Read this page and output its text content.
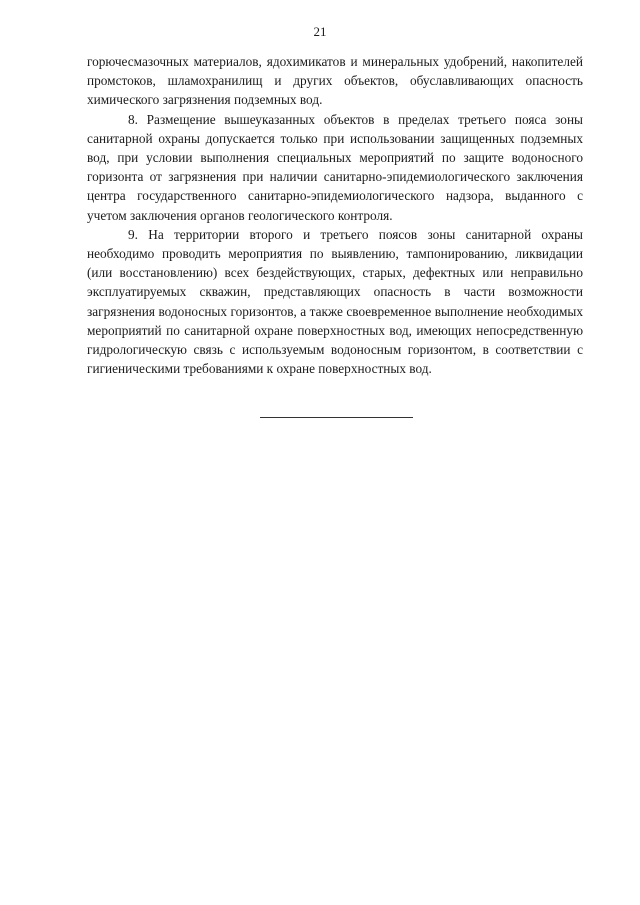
21

горючесмазочных материалов, ядохимикатов и минеральных удобрений, накопителей промстоков, шламохранилищ и других объектов, обуславливающих опасность химического загрязнения подземных вод.

8. Размещение вышеуказанных объектов в пределах третьего пояса зоны санитарной охраны допускается только при использовании защищенных подземных вод, при условии выполнения специальных мероприятий по защите водоносного горизонта от загрязнения при наличии санитарно-эпидемиологического заключения центра государственного санитарно-эпидемиологического надзора, выданного с учетом заключения органов геологического контроля.

9. На территории второго и третьего поясов зоны санитарной охраны необходимо проводить мероприятия по выявлению, тампонированию, ликвидации (или восстановлению) всех бездействующих, старых, дефектных или неправильно эксплуатируемых скважин, представляющих опасность в части возможности загрязнения водоносных горизонтов, а также своевременное выполнение необходимых мероприятий по санитарной охране поверхностных вод, имеющих непосредственную гидрологическую связь с используемым водоносным горизонтом, в соответствии с гигиеническими требованиями к охране поверхностных вод.
